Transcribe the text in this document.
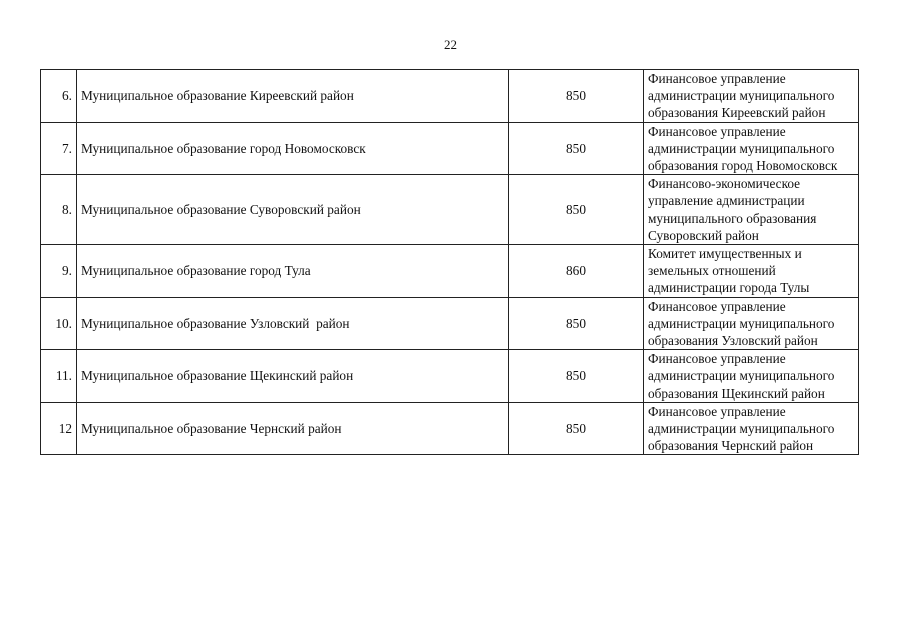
22
6.	Муниципальное образование Киреевский район	850	Финансовое управление
администрации муниципального
образования Киреевский район

7.	Муниципальное образование город Новомосковск	850	Финансовое управление
администрации муниципального
образования город Новомосковск

8.	Муниципальное образование Суворовский район	850	Финансово-экономическое
управление администрации
муниципального образования
Суворовский район

9.	Муниципальное образование город Тула	860	Комитет имущественных и
земельных отношений
администрации города Тулы

10.	Муниципальное образование Узловский  район	850	Финансовое управление
администрации муниципального
образования Узловский район

11.	Муниципальное образование Щекинский район	850	Финансовое управление
администрации муниципального
образования Щекинский район

12	Муниципальное образование Чернский район	850	Финансовое управление
администрации муниципального
образования Чернский район
